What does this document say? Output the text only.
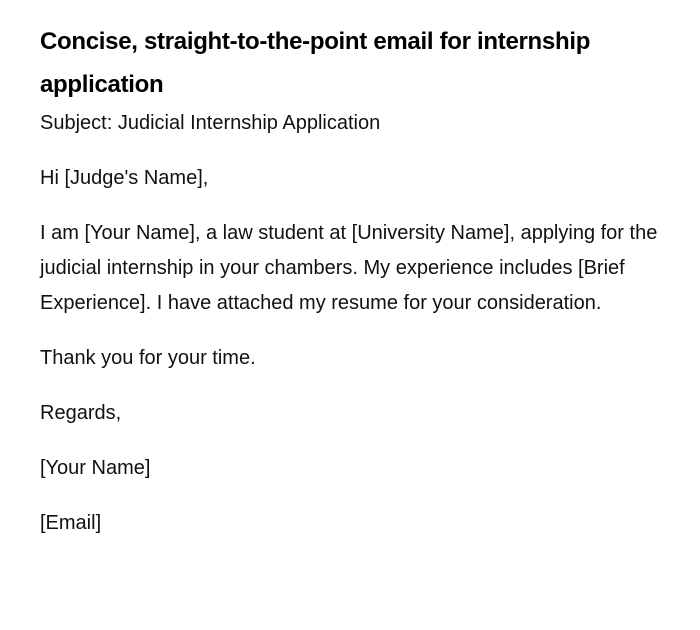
Concise, straight-to-the-point email for internship application

Subject: Judicial Internship Application

Hi [Judge's Name],

I am [Your Name], a law student at [University Name], applying for the judicial internship in your chambers. My experience includes [Brief Experience]. I have attached my resume for your consideration.

Thank you for your time.

Regards,

[Your Name]

[Email]
